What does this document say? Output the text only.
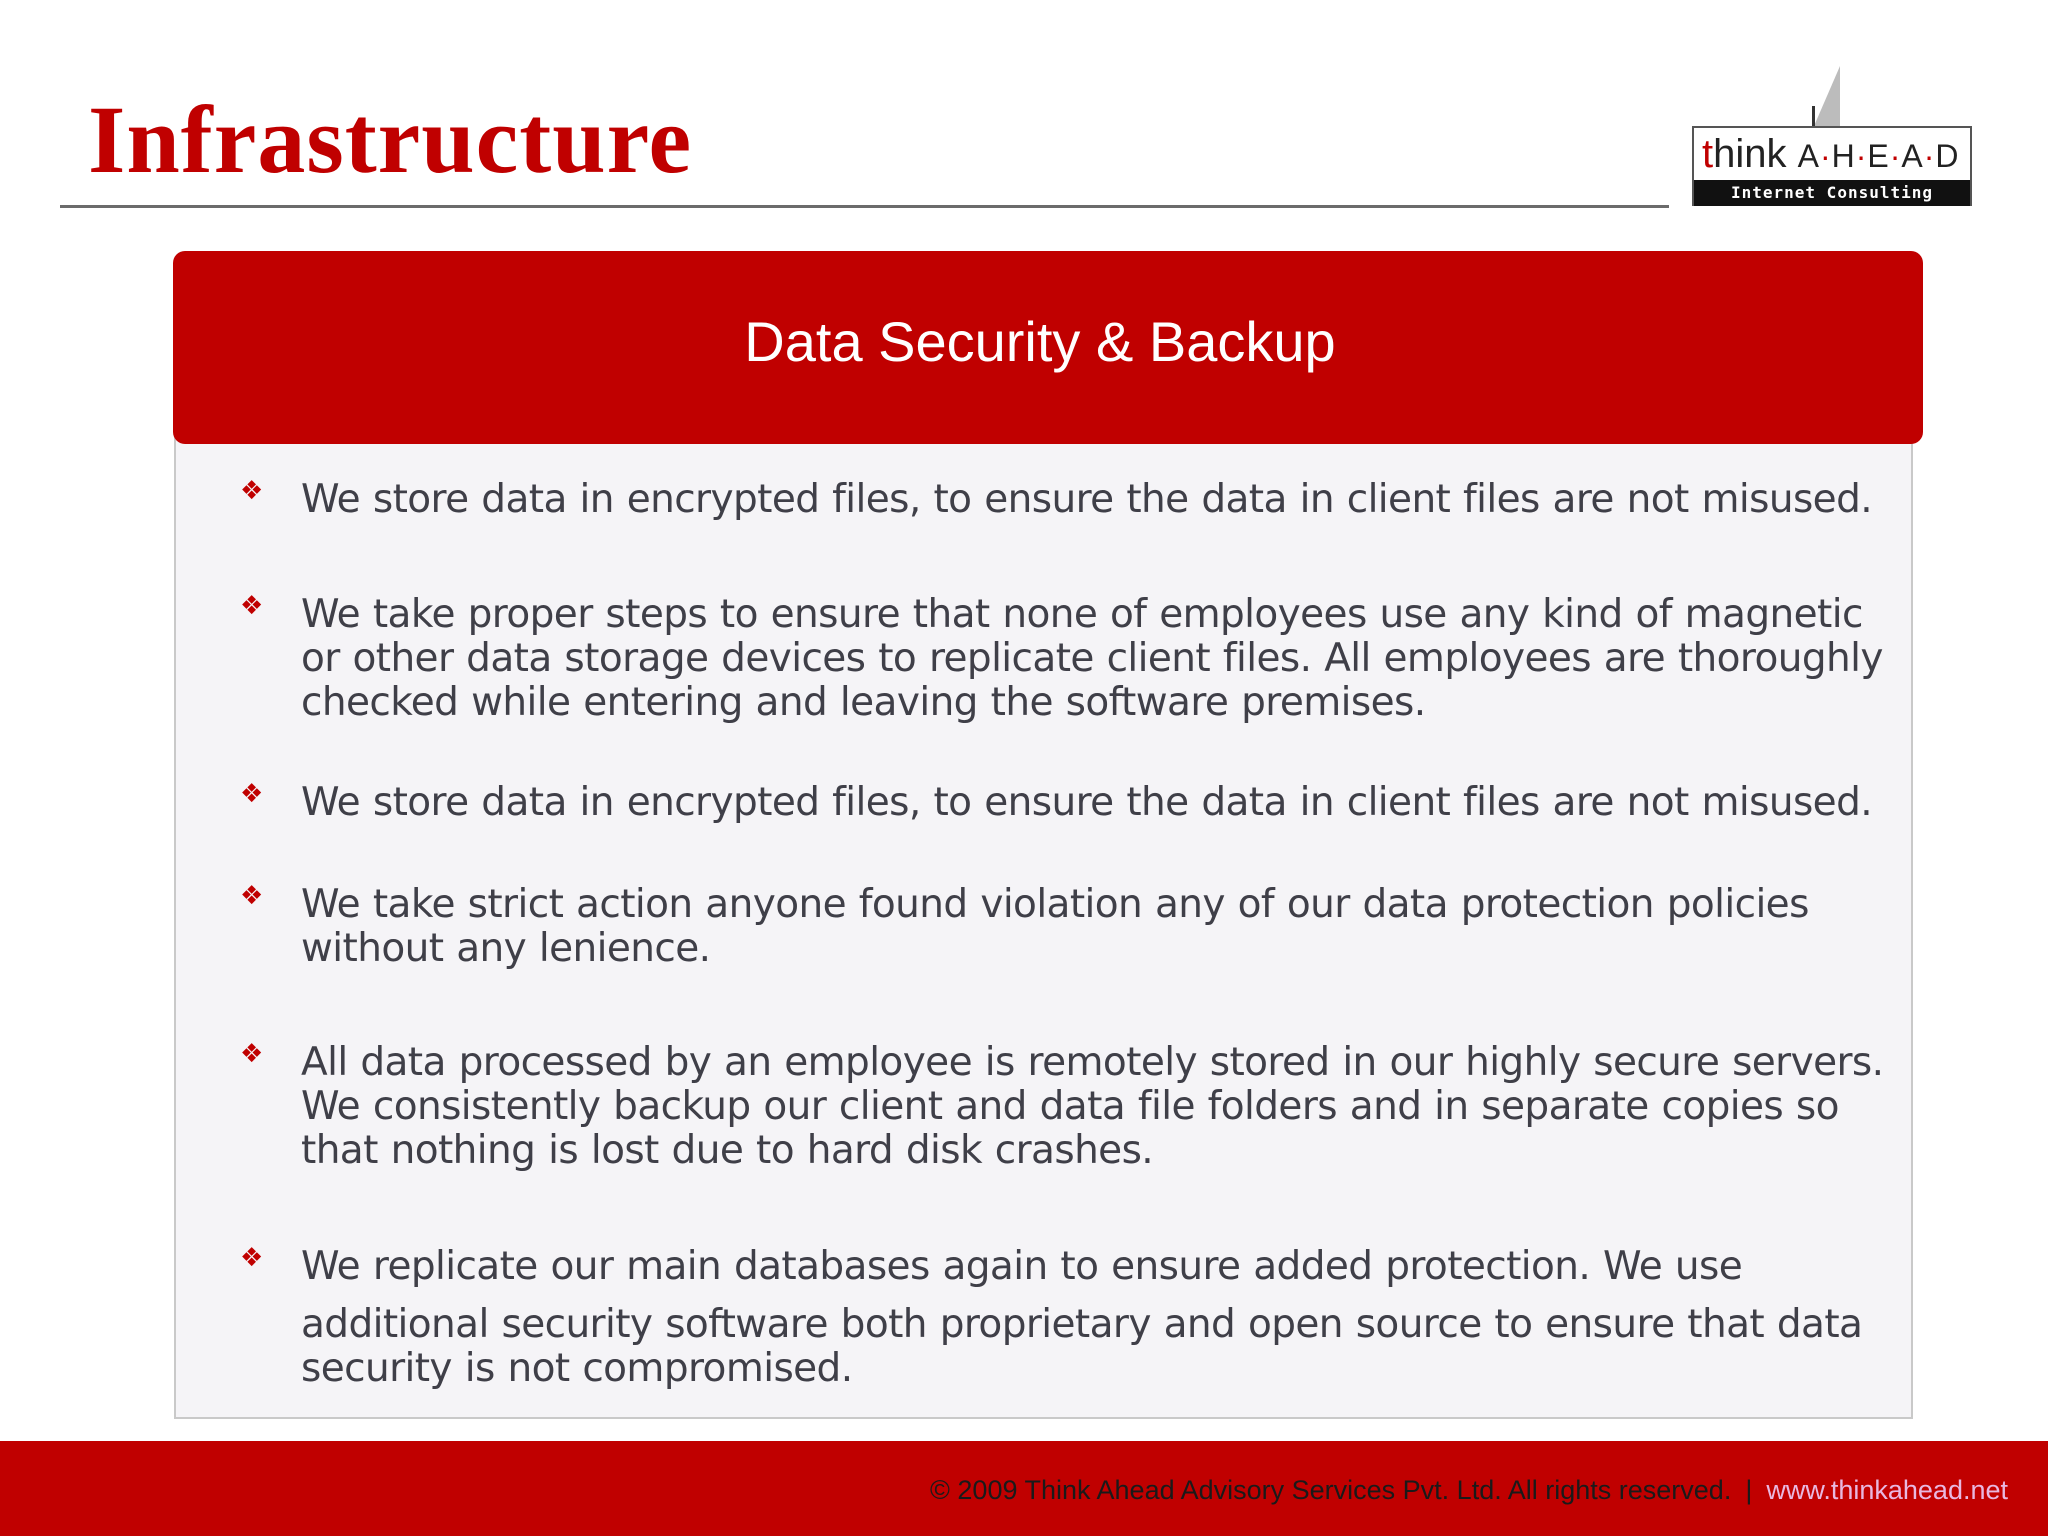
Infrastructure	think A·H·E·A·D
Internet Consulting Partners
Data Security & Backup
❖ We store data in encrypted files, to ensure the data in client files are not misused.
❖ We take proper steps to ensure that none of employees use any kind of magnetic or other data storage devices to replicate client files. All employees are thoroughly checked while entering and leaving the software premises.
❖ We store data in encrypted files, to ensure the data in client files are not misused.
❖ We take strict action anyone found violation any of our data protection policies without any lenience.
❖ All data processed by an employee is remotely stored in our highly secure servers. We consistently backup our client and data file folders and in separate copies so that nothing is lost due to hard disk crashes.
❖ We replicate our main databases again to ensure added protection. We use
additional security software both proprietary and open source to ensure that data security is not compromised.
© 2009 Think Ahead Advisory Services Pvt. Ltd. All rights reserved. | www.thinkahead.net
